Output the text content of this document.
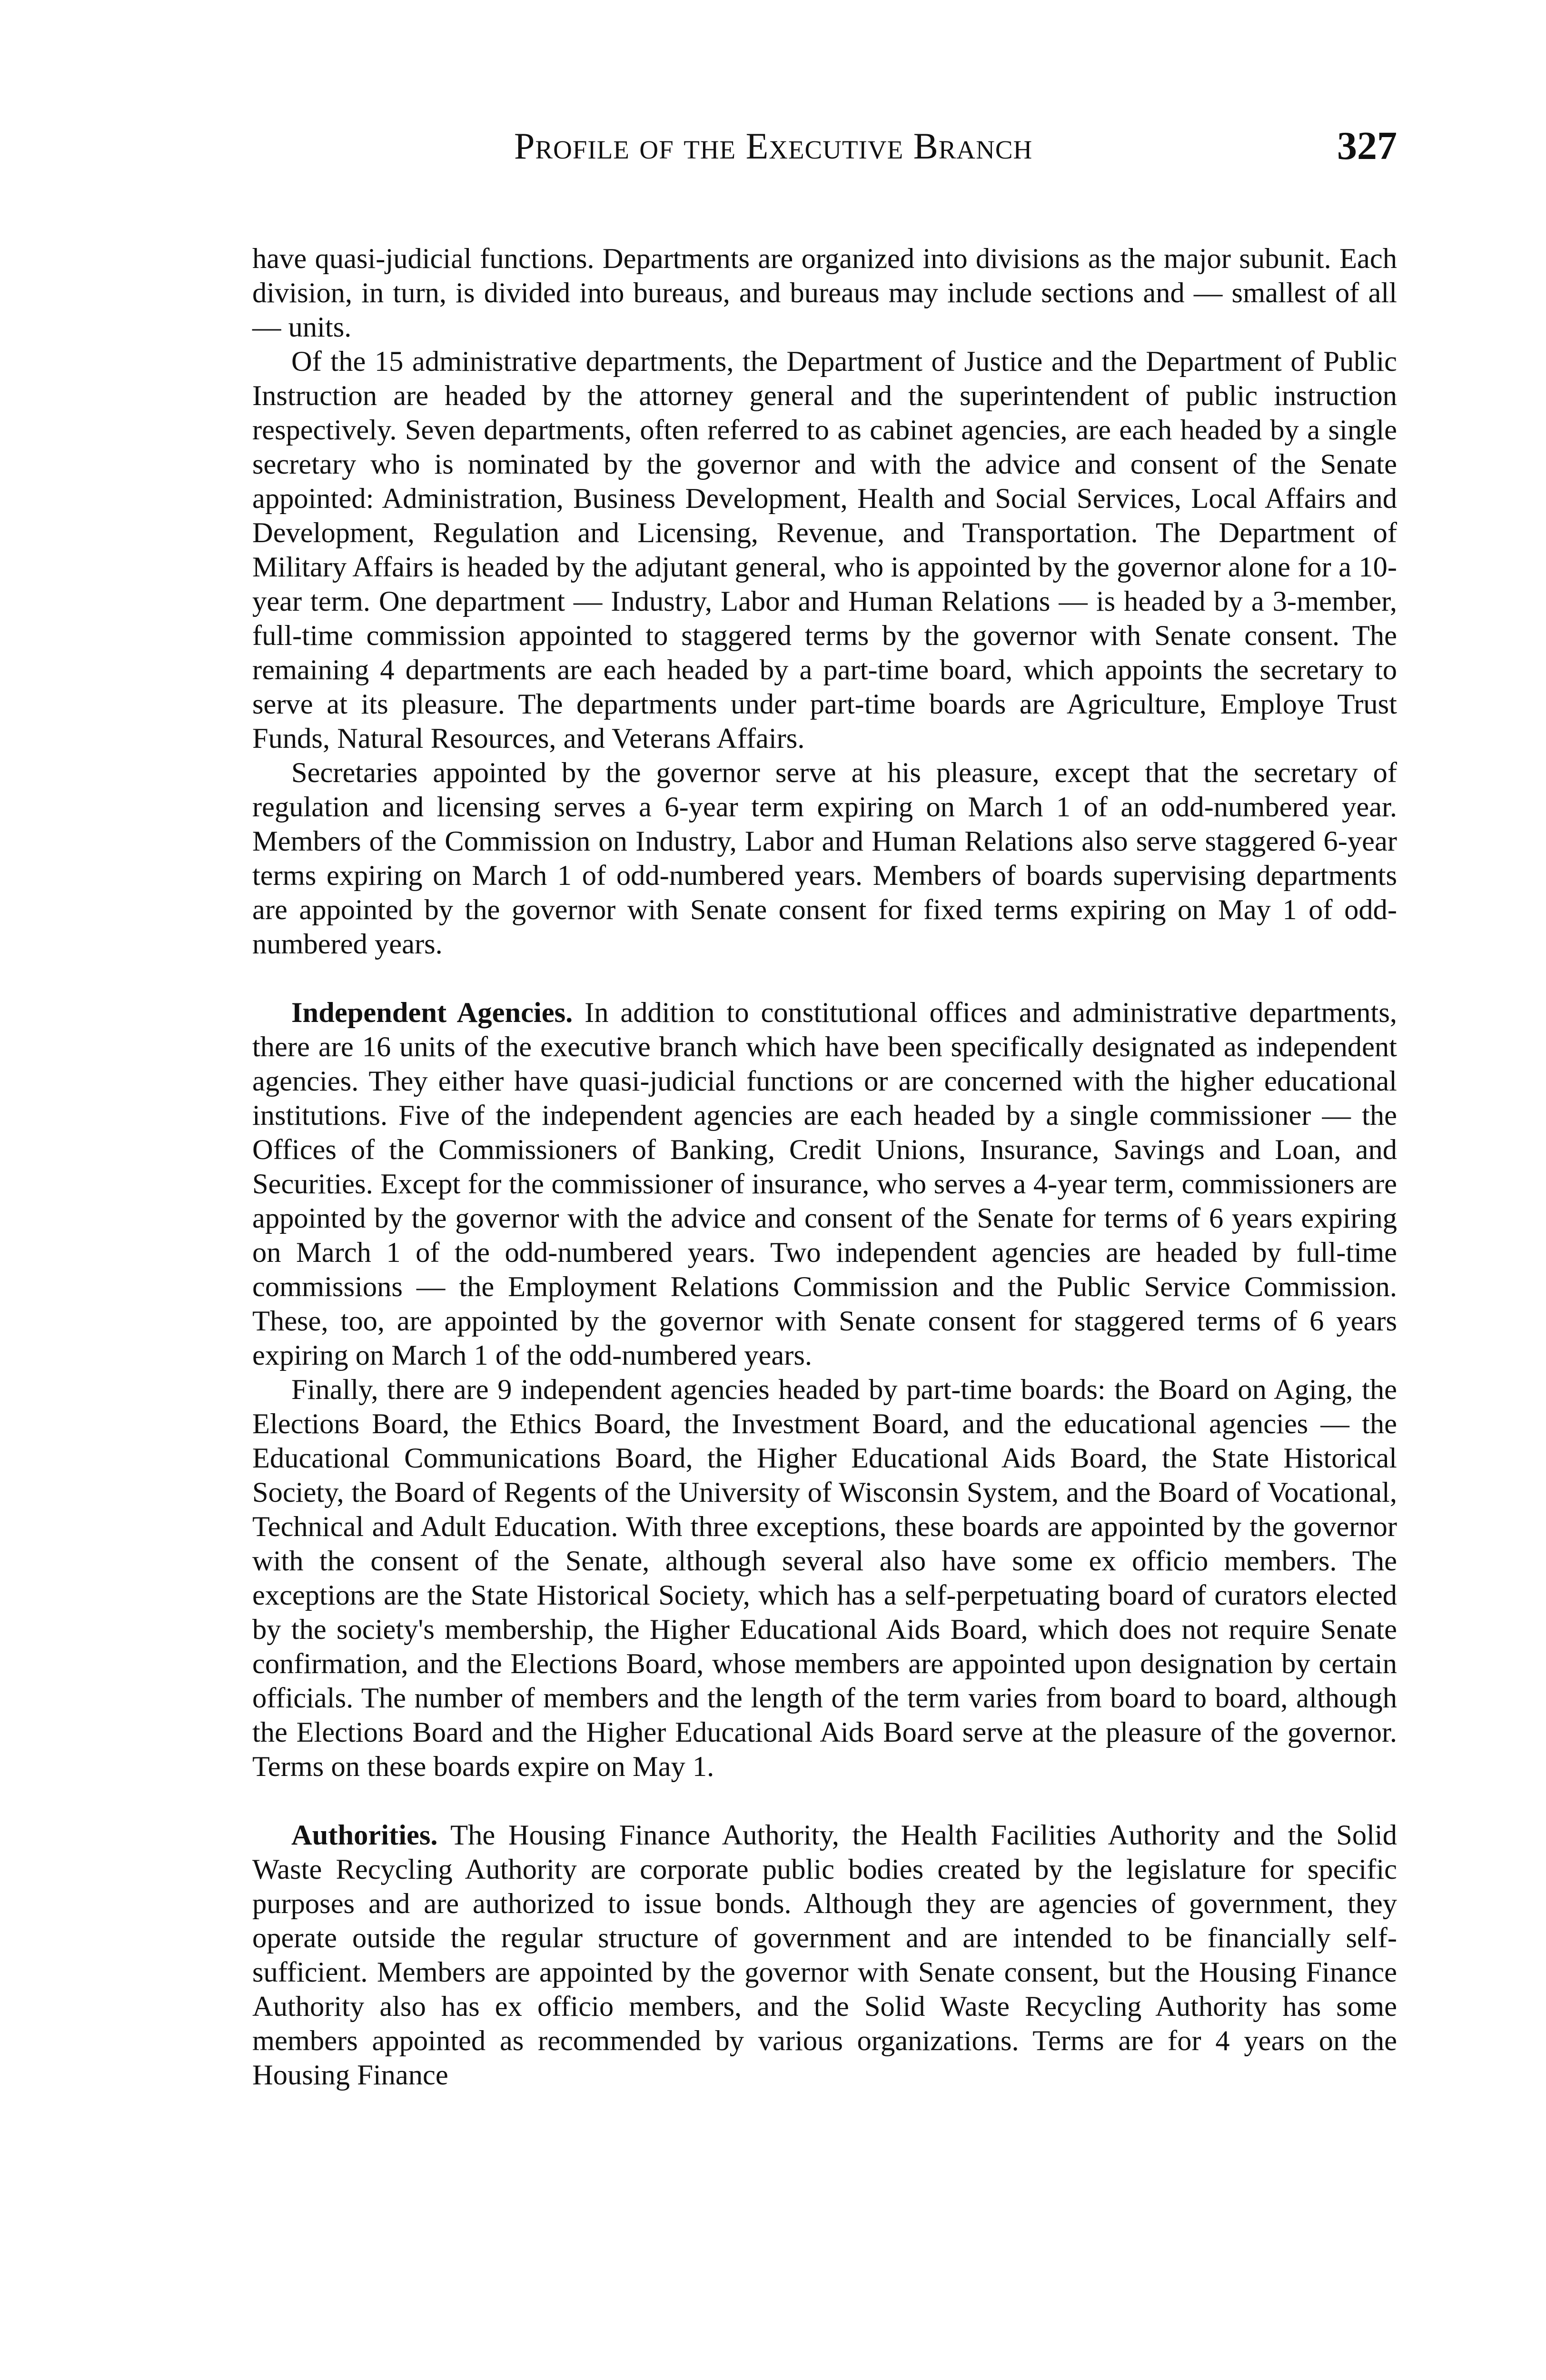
Profile of the Executive Branch	327

have quasi-judicial functions. Departments are organized into divisions as the major subunit. Each division, in turn, is divided into bureaus, and bureaus may include sections and — smallest of all — units.

Of the 15 administrative departments, the Department of Justice and the Department of Public Instruction are headed by the attorney general and the superintendent of public instruction respectively. Seven departments, often referred to as cabinet agencies, are each headed by a single secretary who is nominated by the governor and with the advice and consent of the Senate appointed: Administration, Business Development, Health and Social Services, Local Affairs and Development, Regulation and Licensing, Revenue, and Transportation. The Department of Military Affairs is headed by the adjutant general, who is appointed by the governor alone for a 10-year term. One department — Industry, Labor and Human Relations — is headed by a 3-member, full-time commission appointed to staggered terms by the governor with Senate consent. The remaining 4 departments are each headed by a part-time board, which appoints the secretary to serve at its pleasure. The departments under part-time boards are Agriculture, Employe Trust Funds, Natural Resources, and Veterans Affairs.

Secretaries appointed by the governor serve at his pleasure, except that the secretary of regulation and licensing serves a 6-year term expiring on March 1 of an odd-numbered year. Members of the Commission on Industry, Labor and Human Relations also serve staggered 6-year terms expiring on March 1 of odd-numbered years. Members of boards supervising departments are appointed by the governor with Senate consent for fixed terms expiring on May 1 of odd-numbered years.

Independent Agencies. In addition to constitutional offices and administrative departments, there are 16 units of the executive branch which have been specifically designated as independent agencies. They either have quasi-judicial functions or are concerned with the higher educational institutions. Five of the independent agencies are each headed by a single commissioner — the Offices of the Commissioners of Banking, Credit Unions, Insurance, Savings and Loan, and Securities. Except for the commissioner of insurance, who serves a 4-year term, commissioners are appointed by the governor with the advice and consent of the Senate for terms of 6 years expiring on March 1 of the odd-numbered years. Two independent agencies are headed by full-time commissions — the Employment Relations Commission and the Public Service Commission. These, too, are appointed by the governor with Senate consent for staggered terms of 6 years expiring on March 1 of the odd-numbered years.

Finally, there are 9 independent agencies headed by part-time boards: the Board on Aging, the Elections Board, the Ethics Board, the Investment Board, and the educational agencies — the Educational Communications Board, the Higher Educational Aids Board, the State Historical Society, the Board of Regents of the University of Wisconsin System, and the Board of Vocational, Technical and Adult Education. With three exceptions, these boards are appointed by the governor with the consent of the Senate, although several also have some ex officio members. The exceptions are the State Historical Society, which has a self-perpetuating board of curators elected by the society's membership, the Higher Educational Aids Board, which does not require Senate confirmation, and the Elections Board, whose members are appointed upon designation by certain officials. The number of members and the length of the term varies from board to board, although the Elections Board and the Higher Educational Aids Board serve at the pleasure of the governor. Terms on these boards expire on May 1.

Authorities. The Housing Finance Authority, the Health Facilities Authority and the Solid Waste Recycling Authority are corporate public bodies created by the legislature for specific purposes and are authorized to issue bonds. Although they are agencies of government, they operate outside the regular structure of government and are intended to be financially self-sufficient. Members are appointed by the governor with Senate consent, but the Housing Finance Authority also has ex officio members, and the Solid Waste Recycling Authority has some members appointed as recommended by various organizations. Terms are for 4 years on the Housing Finance
